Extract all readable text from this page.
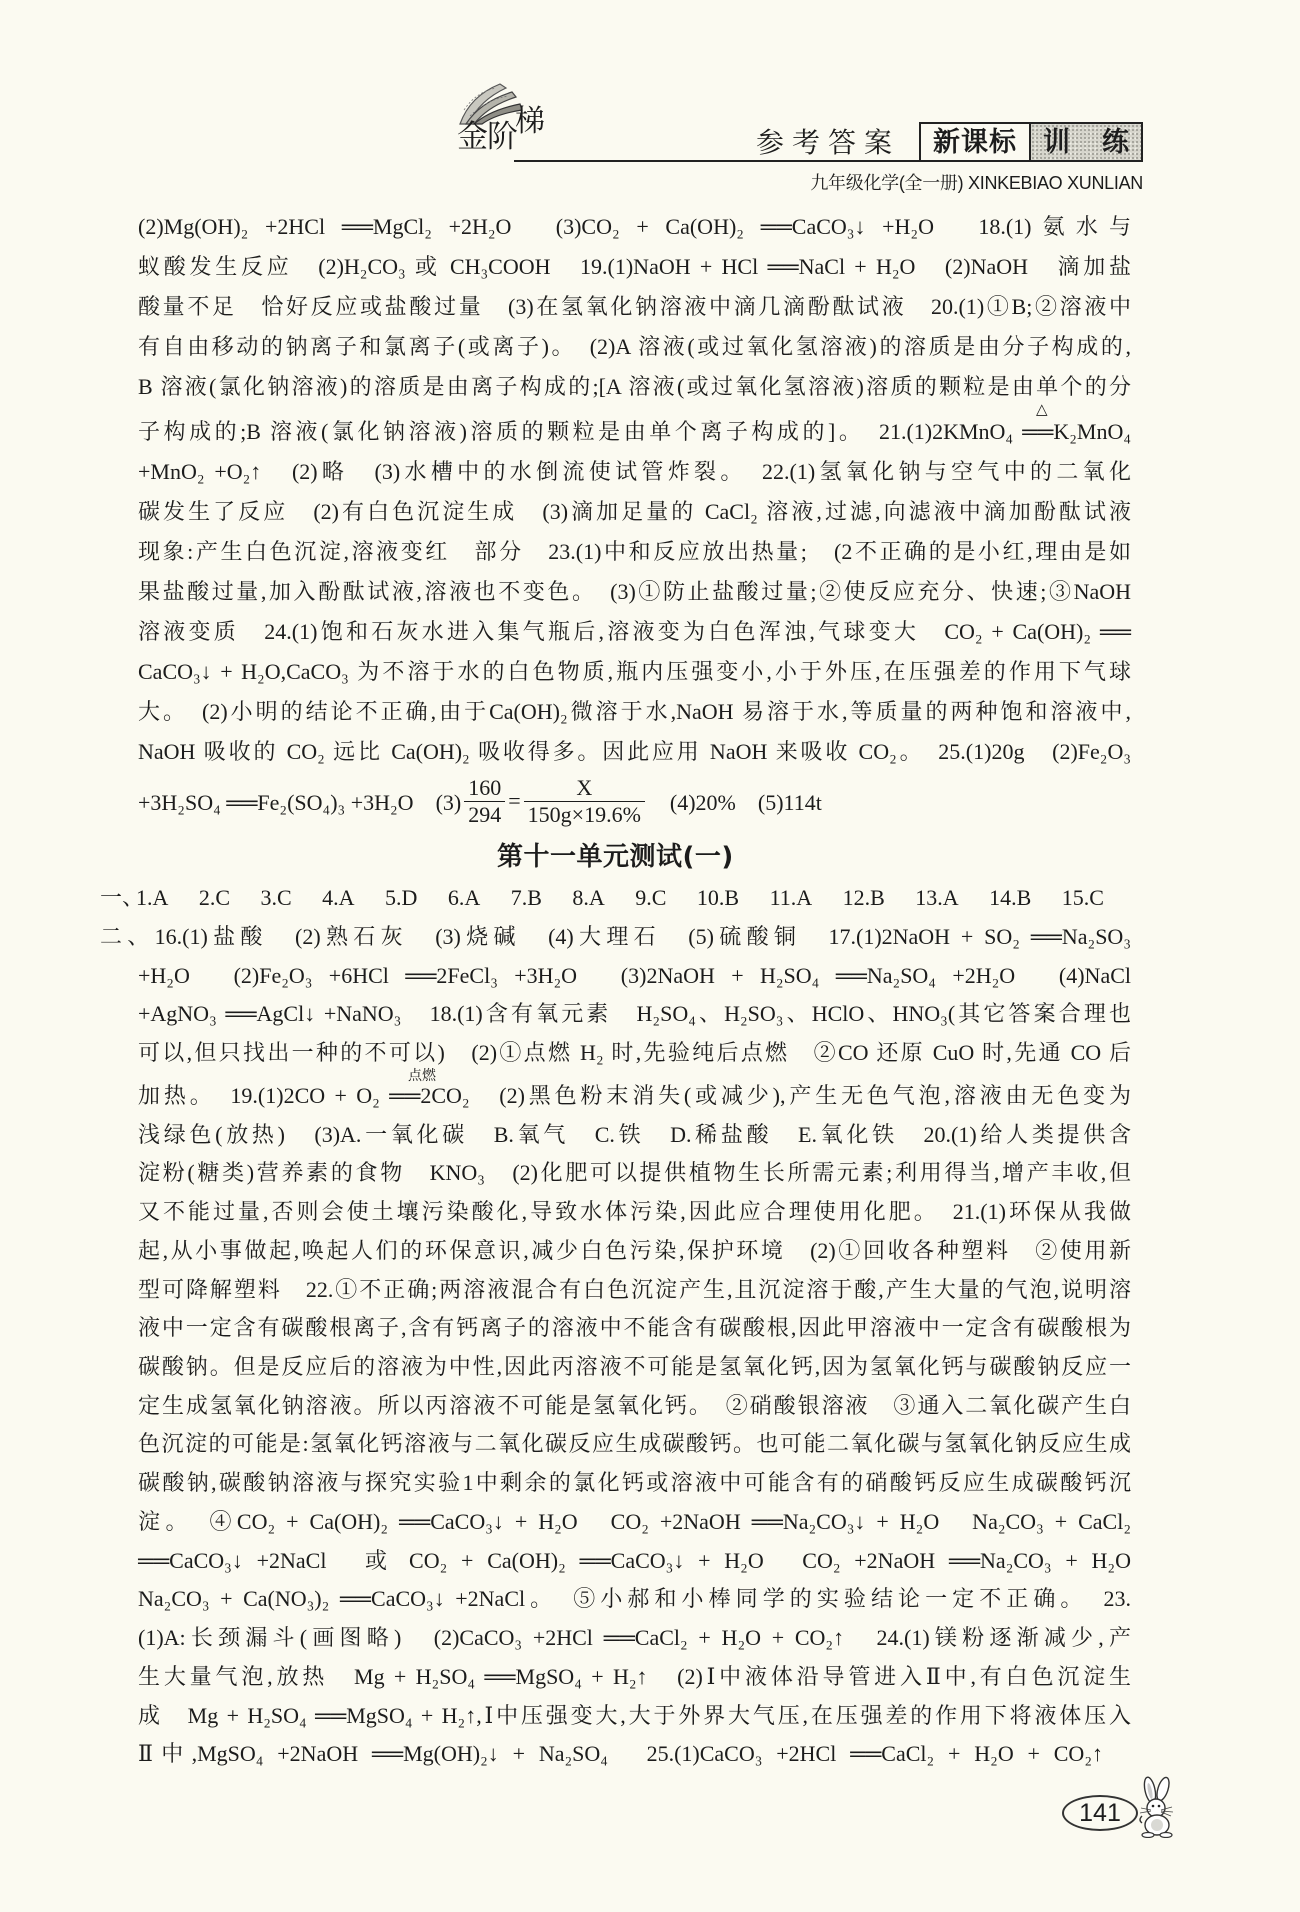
金阶
梯
参考答案	新课标 训 练
九年级化学(全一册) XINKEBIAO XUNLIAN
(2)Mg(OH)₂ +2HCl ══MgCl₂ +2H₂O　(3)CO₂ + Ca(OH)₂ ══CaCO₃↓ +H₂O　18.(1)氨水与
蚁酸发生反应　(2)H₂CO₃ 或 CH₃COOH　19.(1)NaOH + HCl ══NaCl + H₂O　(2)NaOH　滴加盐
酸量不足　恰好反应或盐酸过量　(3)在氢氧化钠溶液中滴几滴酚酞试液　20.(1)①B;②溶液中
有自由移动的钠离子和氯离子(或离子)。　(2)A 溶液(或过氧化氢溶液)的溶质是由分子构成的,
B 溶液(氯化钠溶液)的溶质是由离子构成的;[A 溶液(或过氧化氢溶液)溶质的颗粒是由单个的分
△
子构成的;B 溶液(氯化钠溶液)溶质的颗粒是由单个离子构成的]。　21.(1)2KMnO₄ ══K₂MnO₄
+MnO₂ +O₂↑　(2)略　(3)水槽中的水倒流使试管炸裂。　22.(1)氢氧化钠与空气中的二氧化
碳发生了反应　(2)有白色沉淀生成　(3)滴加足量的 CaCl₂ 溶液,过滤,向滤液中滴加酚酞试液
现象:产生白色沉淀,溶液变红　部分　23.(1)中和反应放出热量;　(2不正确的是小红,理由是如
果盐酸过量,加入酚酞试液,溶液也不变色。　(3)①防止盐酸过量;②使反应充分、快速;③NaOH
溶液变质　24.(1)饱和石灰水进入集气瓶后,溶液变为白色浑浊,气球变大　CO₂ + Ca(OH)₂ ══
CaCO₃↓ + H₂O,CaCO₃ 为不溶于水的白色物质,瓶内压强变小,小于外压,在压强差的作用下气球
大。　(2)小明的结论不正确,由于Ca(OH)₂微溶于水,NaOH 易溶于水,等质量的两种饱和溶液中,
NaOH 吸收的 CO₂ 远比 Ca(OH)₂ 吸收得多。因此应用 NaOH 来吸收 CO₂。　25.(1)20g　(2)Fe₂O₃
+3H₂SO₄ ══Fe₂(SO₄)₃ +3H₂O　$(3) \frac{160}{294} = \frac{X}{150g\times 19.6\%}$ 　(4)20%　(5)114t
第十一单元测试(一)
一、
1.A 2.C 3.C 4.A 5.D 6.A 7.B 8.A 9.C 10.B 11.A 12.B 13.A 14.B 15.C
二、16.(1)盐酸　(2)熟石灰　(3)烧碱　(4)大理石　(5)硫酸铜　17.(1)2NaOH + SO₂ ══Na₂SO₃
+H₂O　(2)Fe₂O₃ +6HCl ══2FeCl₃ +3H₂O　(3)2NaOH + H₂SO₄ ══Na₂SO₄ +2H₂O　(4)NaCl
+AgNO₃ ══AgCl↓ +NaNO₃　18.(1)含有氧元素　H₂SO₄、H₂SO₃、HClO、HNO₃(其它答案合理也
可以,但只找出一种的不可以)　(2)①点燃 H₂ 时,先验纯后点燃　②CO 还原 CuO 时,先通 CO 后
点燃
加热。　19.(1)2CO + O₂ ══2CO₂　(2)黑色粉末消失(或减少),产生无色气泡,溶液由无色变为
浅绿色(放热)　(3)A.一氧化碳　B.氧气　C.铁　D.稀盐酸　E.氧化铁　20.(1)给人类提供含
淀粉(糖类)营养素的食物　KNO₃　(2)化肥可以提供植物生长所需元素;利用得当,增产丰收,但
又不能过量,否则会使土壤污染酸化,导致水体污染,因此应合理使用化肥。　21.(1)环保从我做
起,从小事做起,唤起人们的环保意识,减少白色污染,保护环境　(2)①回收各种塑料　②使用新
型可降解塑料　22.①不正确;两溶液混合有白色沉淀产生,且沉淀溶于酸,产生大量的气泡,说明溶
液中一定含有碳酸根离子,含有钙离子的溶液中不能含有碳酸根,因此甲溶液中一定含有碳酸根为
碳酸钠。但是反应后的溶液为中性,因此丙溶液不可能是氢氧化钙,因为氢氧化钙与碳酸钠反应一
定生成氢氧化钠溶液。所以丙溶液不可能是氢氧化钙。　②硝酸银溶液　③通入二氧化碳产生白
色沉淀的可能是:氢氧化钙溶液与二氧化碳反应生成碳酸钙。也可能二氧化碳与氢氧化钠反应生成
碳酸钠,碳酸钠溶液与探究实验1中剩余的氯化钙或溶液中可能含有的硝酸钙反应生成碳酸钙沉
淀。　④CO₂ + Ca(OH)₂ ══CaCO₃↓ + H₂O　CO₂ +2NaOH ══Na₂CO₃↓ + H₂O　Na₂CO₃ + CaCl₂
══CaCO₃↓ +2NaCl　或 CO₂ + Ca(OH)₂ ══CaCO₃↓ + H₂O　CO₂ +2NaOH ══Na₂CO₃ + H₂O
Na₂CO₃ + Ca(NO₃)₂ ══CaCO₃↓ +2NaCl。　⑤小郝和小棒同学的实验结论一定不正确。　23.
(1)A:长颈漏斗(画图略)　(2)CaCO₃ +2HCl ══CaCl₂ + H₂O + CO₂↑　24.(1)镁粉逐渐减少,产
生大量气泡,放热　Mg + H₂SO₄ ══MgSO₄ + H₂↑　(2)Ⅰ中液体沿导管进入Ⅱ中,有白色沉淀生
成　Mg + H₂SO₄ ══MgSO₄ + H₂↑,Ⅰ中压强变大,大于外界大气压,在压强差的作用下将液体压入
Ⅱ中,MgSO₄ +2NaOH ══Mg(OH)₂↓ + Na₂SO₄　25.(1)CaCO₃ +2HCl ══CaCl₂ + H₂O + CO₂↑
141
